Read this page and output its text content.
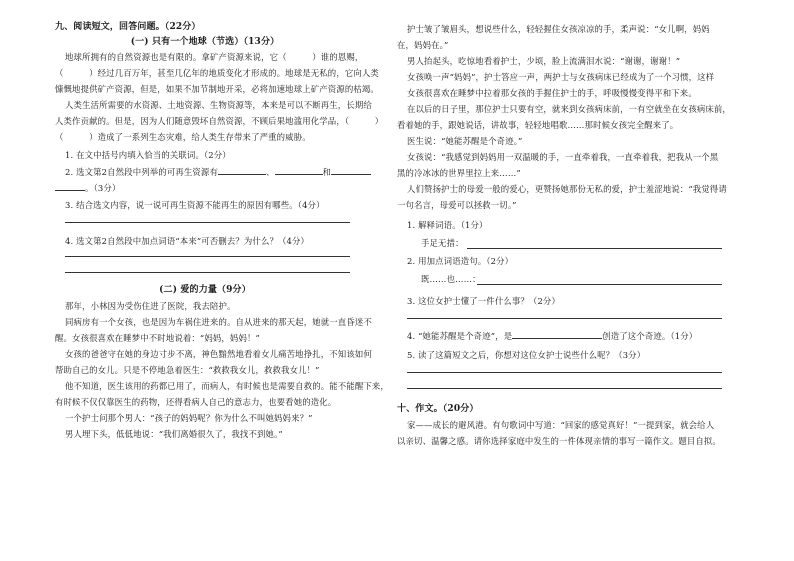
九、阅读短文，回答问题。（22分）
(一) 只有一个地球（节选）（13分）
地球所拥有的自然资源也是有限的。拿矿产资源来说，它（　　　）谁的恩赐，
（　　　）经过几百万年，甚至几亿年的地质变化才形成的。地球是无私的，它向人类
慷慨地提供矿产资源，但是，如果不加节制地开采，必将加速地球上矿产资源的枯竭。
人类生活所需要的水资源、土地资源、生物资源等，本来是可以不断再生，长期给
人类作贡献的。但是，因为人们随意毁坏自然资源，不顾后果地滥用化学品，（　　　）
（　　　）造成了一系列生态灾难，给人类生存带来了严重的威胁。
1. 在文中括号内填入恰当的关联词。（2分）
2. 选文第2自然段中列举的可再生资源有	、	和
。（3分）
3. 结合选文内容，说一说可再生资源不能再生的原因有哪些。（4分）
4. 选文第2自然段中加点词语“本来”可否删去？为什么？（4分）
(二) 爱的力量（9分）
那年，小林因为受伤住进了医院，我去陪护。
同病房有一个女孩，也是因为车祸住进来的。自从进来的那天起，她就一直昏迷不
醒。女孩很喜欢在睡梦中不时地说着：“妈妈，妈妈！”
女孩的爸爸守在她的身边寸步不离，神色黯然地看着女儿痛苦地挣扎，不知该如何
帮助自己的女儿。只是不停地急着医生：“救救我女儿，救救我女儿！”
他不知道，医生该用的药都已用了，而病人，有时候也是需要自救的。能不能醒下来，
有时候不仅仅靠医生的药物，还得看病人自己的意志力，也要看她的造化。
一个护士问那个男人：“孩子的妈妈呢？你为什么不叫她妈妈来？”
男人埋下头，低低地说：“我们离婚很久了，我找不到她。”
护士皱了皱眉头，想说些什么，轻轻握住女孩凉凉的手，柔声说：“女儿啊，妈妈
在，妈妈在。”
男人抬起头，吃惊地看着护士，少顷，脸上流满泪水说：“谢谢，谢谢！”
女孩唤一声“妈妈”，护士答应一声，两护士与女孩病床已经成为了一个习惯，这样
女孩很喜欢在睡梦中拉着那女孩的手握住护士的手，呼吸慢慢变得平和下来。
在以后的日子里，那位护士只要有空，就来到女孩病床前，一有空就坐在女孩病床前，
看着她的手，跟她说话，讲故事，轻轻地唱歌……那时候女孩完全醒来了。
医生说：“她能苏醒是个奇迹。”
女孩说：“我感觉到妈妈用一双温暖的手，一直牵着我，一直牵着我，把我从一个黑
黑的冷冰冰的世界里拉上来……”
人们赞扬护士的母爱一般的爱心，更赞扬她那份无私的爱，护士羞涩地说：“我觉得请
一句名言，母爱可以拯救一切。”
1. 解释词语。（1分）
手足无措：
2. 用加点词语造句。（2分）
既……也……：
3. 这位女护士懂了一件什么事？（2分）
4. “她能苏醒是个奇迹”，是	创造了这个奇迹。（1分）
5. 读了这篇短文之后，你想对这位女护士说些什么呢？（3分）
十、作文。（20分）
家——成长的避风港。有句歌词中写道：“回家的感觉真好！”一提到家，就会给人
以亲切、温馨之感。请你选择家庭中发生的一件体现亲情的事写一篇作文。题目自拟。
